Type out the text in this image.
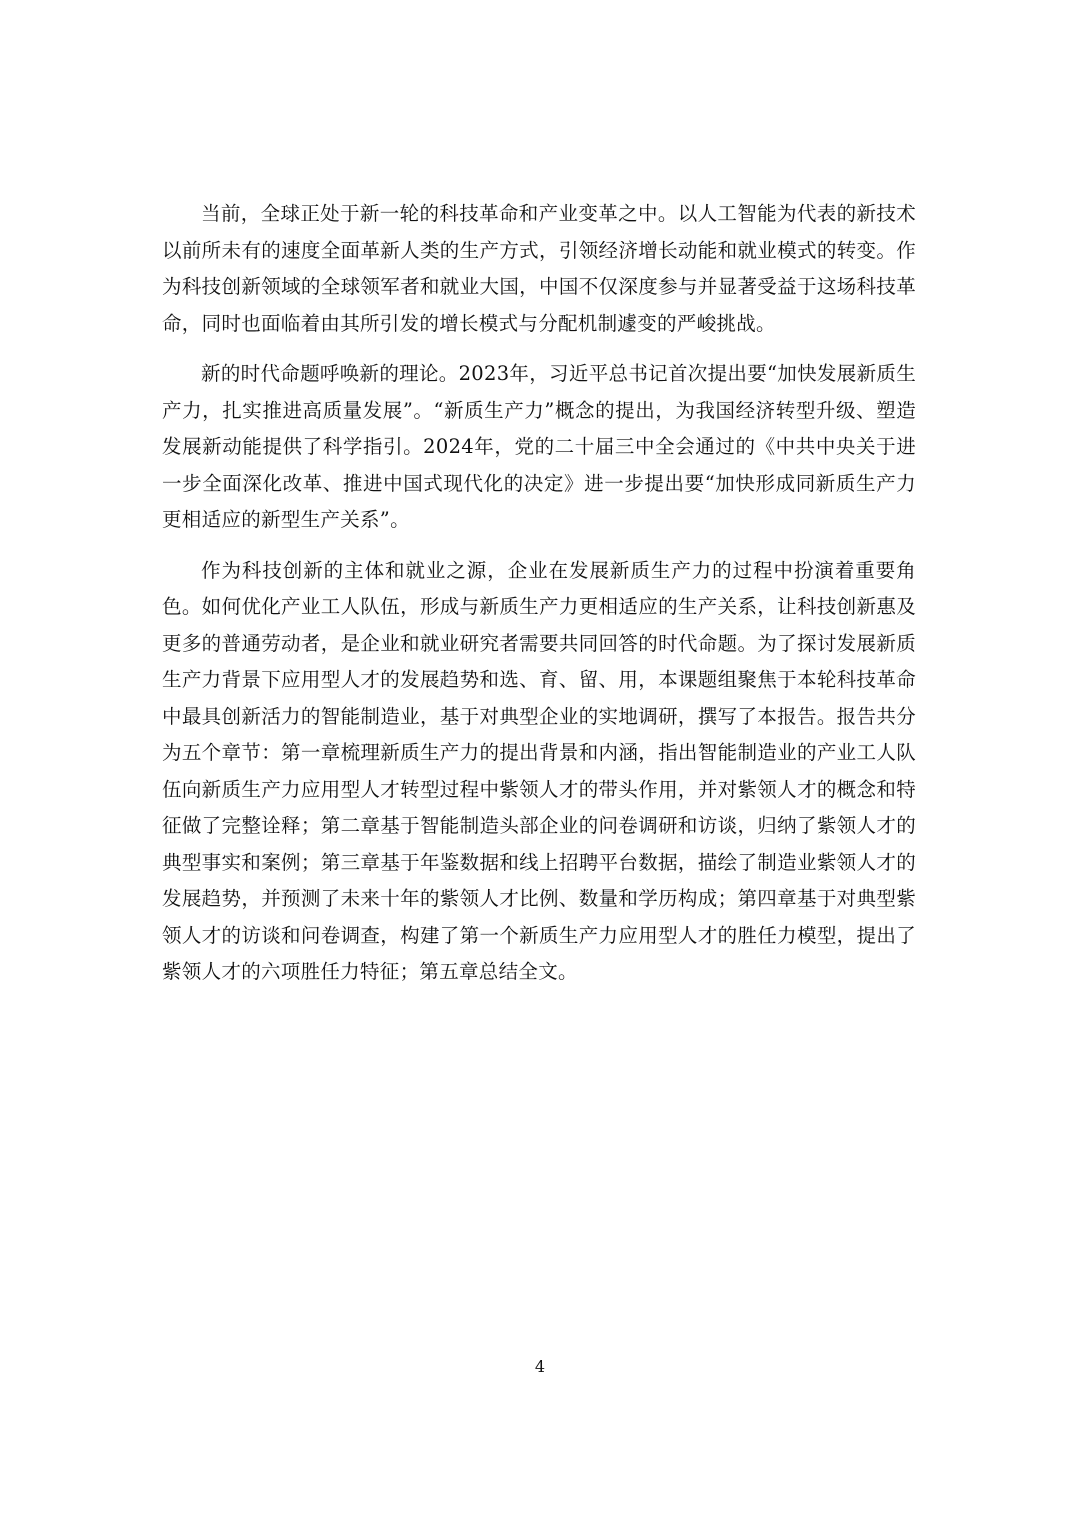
当前，全球正处于新一轮的科技革命和产业变革之中。以人工智能为代表的新技术以前所未有的速度全面革新人类的生产方式，引领经济增长动能和就业模式的转变。作为科技创新领域的全球领军者和就业大国，中国不仅深度参与并显著受益于这场科技革命，同时也面临着由其所引发的增长模式与分配机制遽变的严峻挑战。

新的时代命题呼唤新的理论。2023年，习近平总书记首次提出要“加快发展新质生产力，扎实推进高质量发展”。“新质生产力”概念的提出，为我国经济转型升级、塑造发展新动能提供了科学指引。2024年，党的二十届三中全会通过的《中共中央关于进一步全面深化改革、推进中国式现代化的决定》进一步提出要“加快形成同新质生产力更相适应的新型生产关系”。

作为科技创新的主体和就业之源，企业在发展新质生产力的过程中扮演着重要角色。如何优化产业工人队伍，形成与新质生产力更相适应的生产关系，让科技创新惠及更多的普通劳动者，是企业和就业研究者需要共同回答的时代命题。为了探讨发展新质生产力背景下应用型人才的发展趋势和选、育、留、用，本课题组聚焦于本轮科技革命中最具创新活力的智能制造业，基于对典型企业的实地调研，撰写了本报告。报告共分为五个章节：第一章梳理新质生产力的提出背景和内涵，指出智能制造业的产业工人队伍向新质生产力应用型人才转型过程中紫领人才的带头作用，并对紫领人才的概念和特征做了完整诠释；第二章基于智能制造头部企业的问卷调研和访谈，归纳了紫领人才的典型事实和案例；第三章基于年鉴数据和线上招聘平台数据，描绘了制造业紫领人才的发展趋势，并预测了未来十年的紫领人才比例、数量和学历构成；第四章基于对典型紫领人才的访谈和问卷调查，构建了第一个新质生产力应用型人才的胜任力模型，提出了紫领人才的六项胜任力特征；第五章总结全文。

4
